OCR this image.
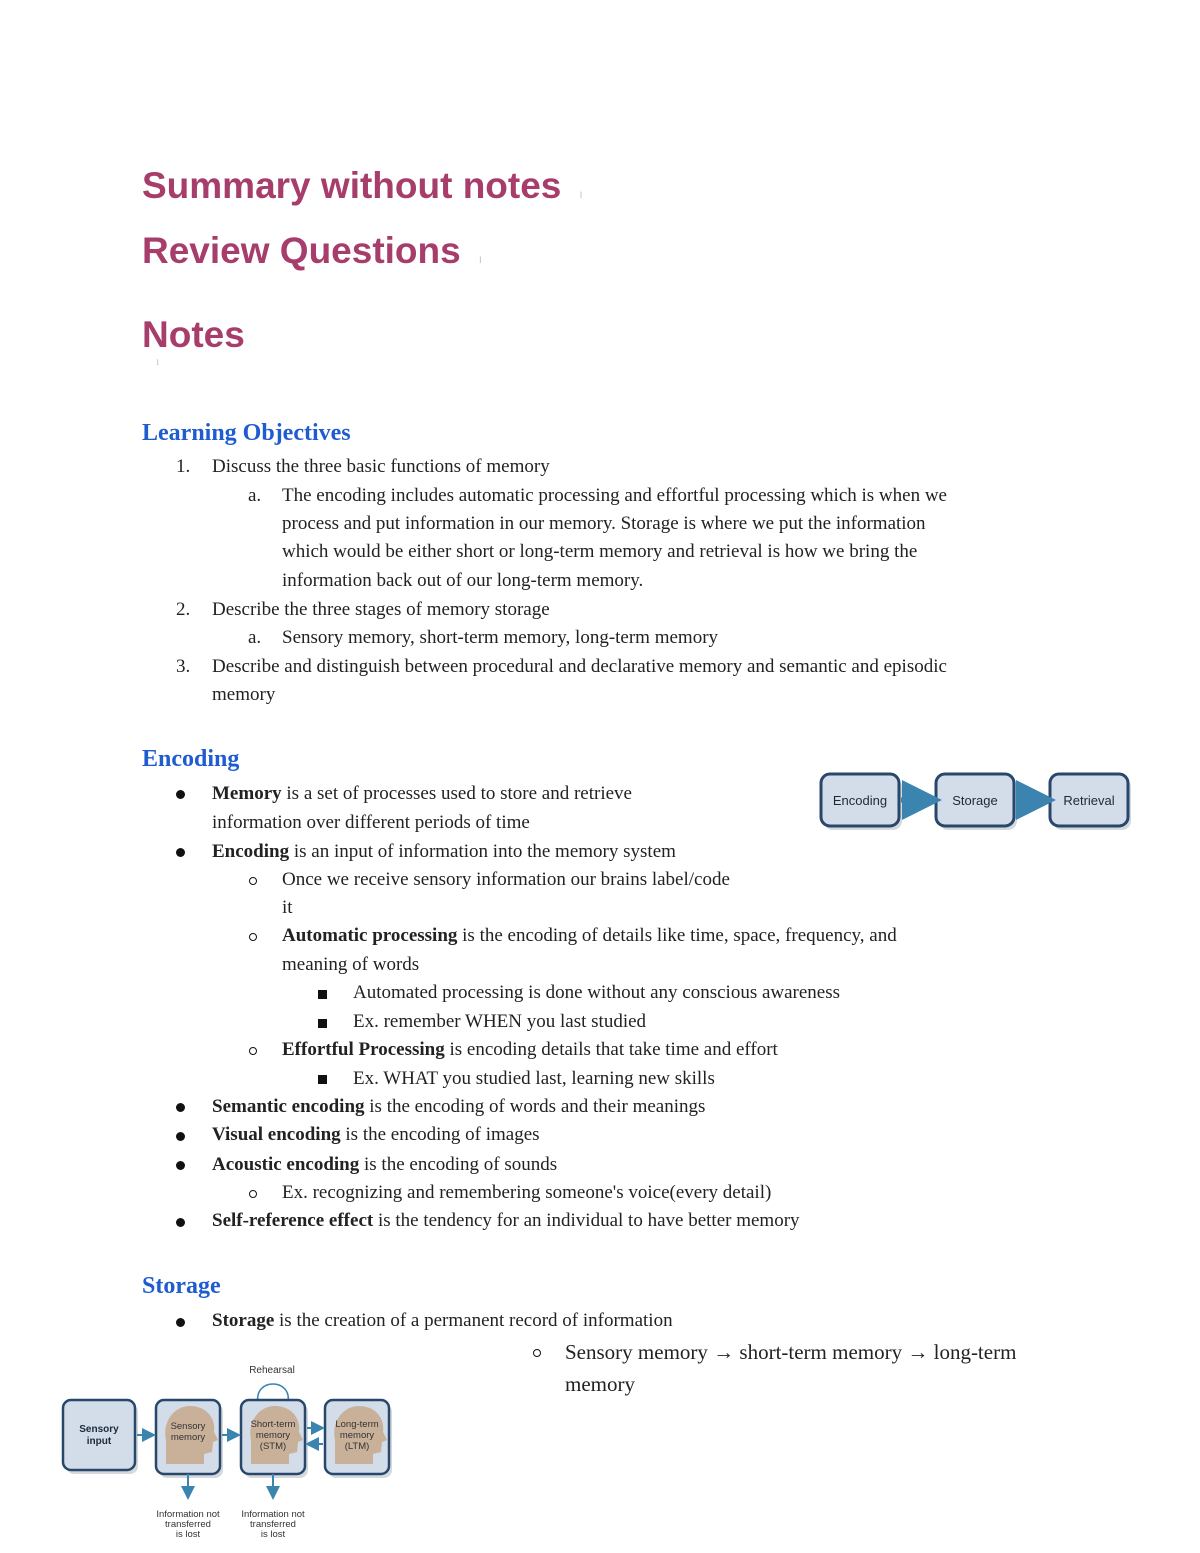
Summary without notes ı
Review Questions ı
Notes
ı
Learning Objectives
1. Discuss the three basic functions of memory
a. The encoding includes automatic processing and effortful processing which is when we
process and put information in our memory. Storage is where we put the information
which would be either short or long-term memory and retrieval is how we bring the
information back out of our long-term memory.
2. Describe the three stages of memory storage
a. Sensory memory, short-term memory, long-term memory
3. Describe and distinguish between procedural and declarative memory and semantic and episodic
memory
Encoding
Memory is a set of processes used to store and retrieve
information over different periods of time
Encoding is an input of information into the memory system
Once we receive sensory information our brains label/code
it
Automatic processing is the encoding of details like time, space, frequency, and
meaning of words
Automated processing is done without any conscious awareness
Ex. remember WHEN you last studied
Effortful Processing is encoding details that take time and effort
Ex. WHAT you studied last, learning new skills
Semantic encoding is the encoding of words and their meanings
Visual encoding is the encoding of images
Acoustic encoding is the encoding of sounds
Ex. recognizing and remembering someone's voice(every detail)
Self-reference effect is the tendency for an individual to have better memory
Storage
Storage is the creation of a permanent record of information
Sensory memory → short-term memory → long-term
memory
Encoding	Storage	Retrieval
Rehearsal
Sensory
input
Sensory
memory
Short-term
memory
(STM)
Long-term
memory
(LTM)
Information not
transferred
is lost
Information not
transferred
is lost
